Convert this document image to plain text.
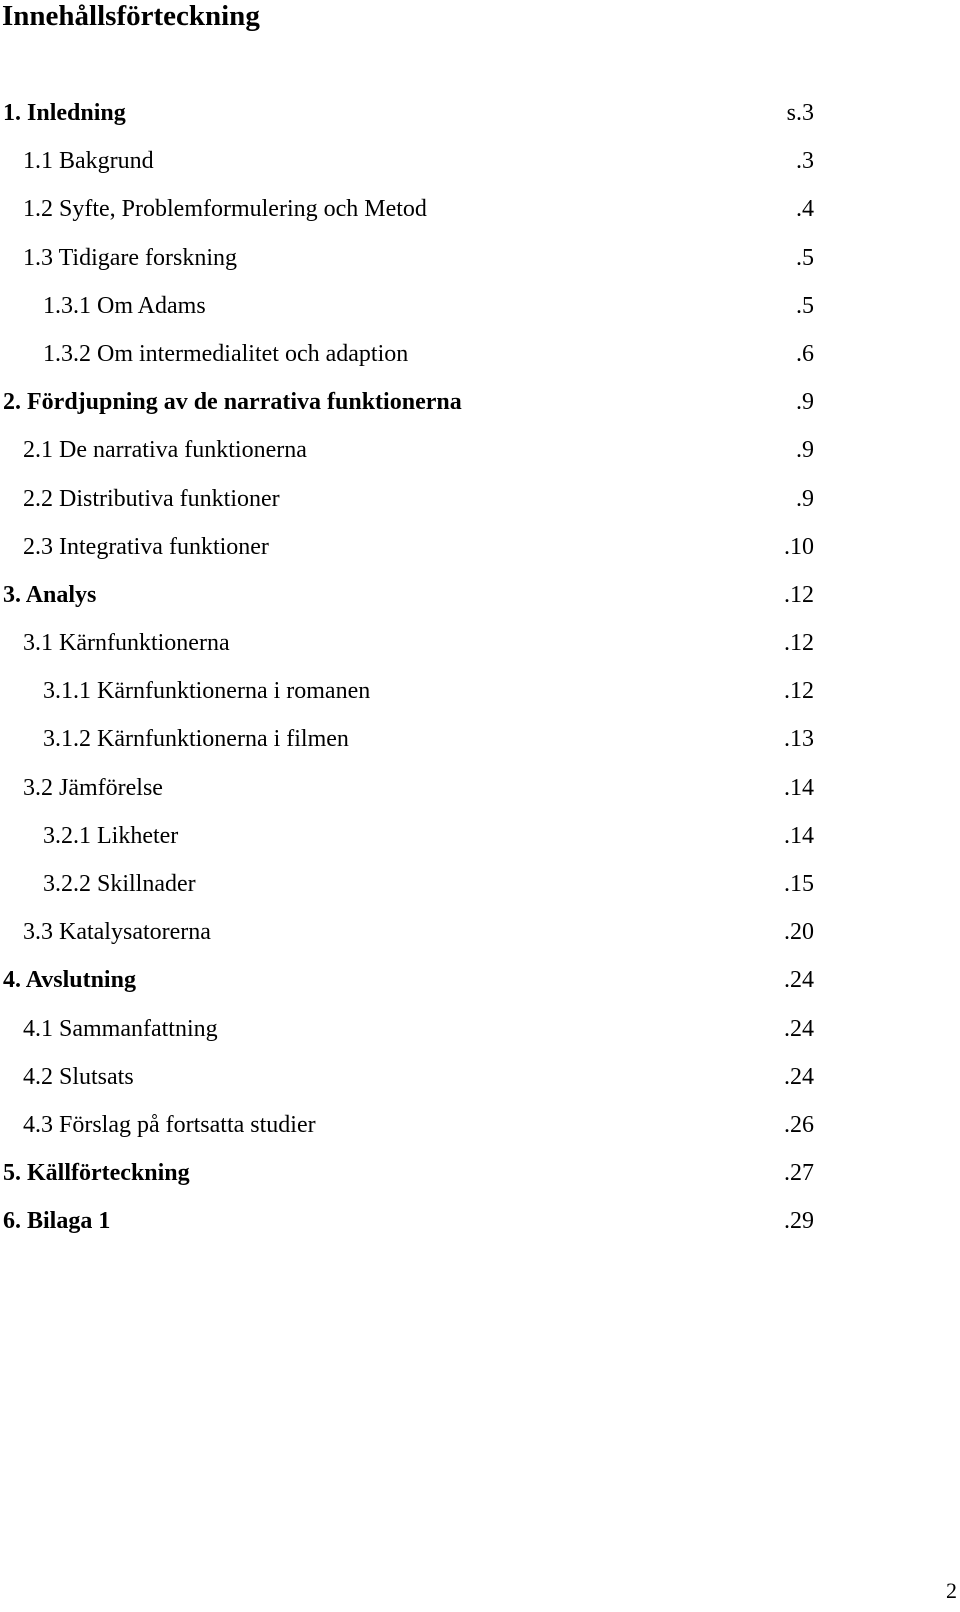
Innehållsförteckning
1. Inledning	s.3
1.1 Bakgrund	.3
1.2 Syfte, Problemformulering och Metod	.4
1.3 Tidigare forskning	.5
1.3.1 Om Adams	.5
1.3.2 Om intermedialitet och adaption	.6
2. Fördjupning av de narrativa funktionerna	.9
2.1 De narrativa funktionerna	.9
2.2 Distributiva funktioner	.9
2.3 Integrativa funktioner	.10
3. Analys	.12
3.1 Kärnfunktionerna	.12
3.1.1 Kärnfunktionerna i romanen	.12
3.1.2 Kärnfunktionerna i filmen	.13
3.2 Jämförelse	.14
3.2.1 Likheter	.14
3.2.2 Skillnader	.15
3.3 Katalysatorerna	.20
4. Avslutning	.24
4.1 Sammanfattning	.24
4.2 Slutsats	.24
4.3 Förslag på fortsatta studier	.26
5. Källförteckning	.27
6. Bilaga 1	.29
2
